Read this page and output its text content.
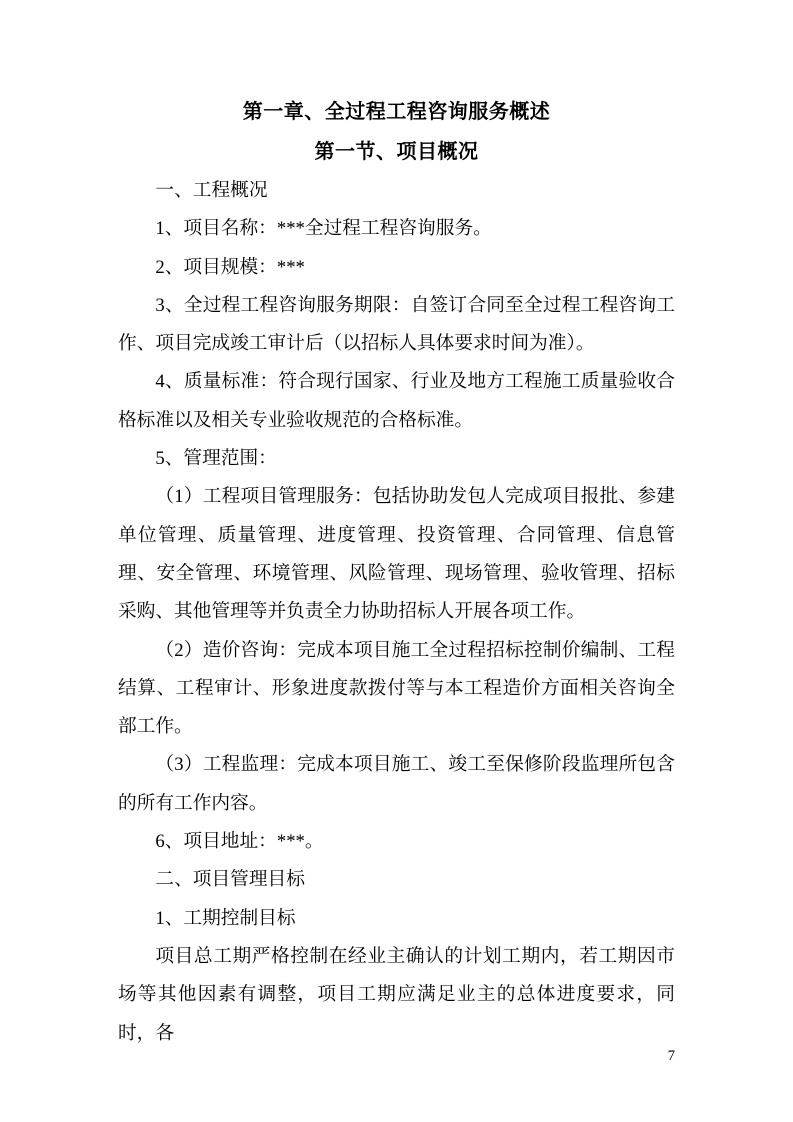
第一章、全过程工程咨询服务概述
第一节、项目概况

一、工程概况

1、项目名称：***全过程工程咨询服务。

2、项目规模：***

3、全过程工程咨询服务期限：自签订合同至全过程工程咨询工作、项目完成竣工审计后（以招标人具体要求时间为准）。

4、质量标准：符合现行国家、行业及地方工程施工质量验收合格标准以及相关专业验收规范的合格标准。

5、管理范围：

（1）工程项目管理服务：包括协助发包人完成项目报批、参建单位管理、质量管理、进度管理、投资管理、合同管理、信息管理、安全管理、环境管理、风险管理、现场管理、验收管理、招标采购、其他管理等并负责全力协助招标人开展各项工作。

（2）造价咨询：完成本项目施工全过程招标控制价编制、工程结算、工程审计、形象进度款拨付等与本工程造价方面相关咨询全部工作。

（3）工程监理：完成本项目施工、竣工至保修阶段监理所包含的所有工作内容。

6、项目地址：***。

二、项目管理目标

1、工期控制目标

项目总工期严格控制在经业主确认的计划工期内，若工期因市场等其他因素有调整，项目工期应满足业主的总体进度要求，同时，各

7
